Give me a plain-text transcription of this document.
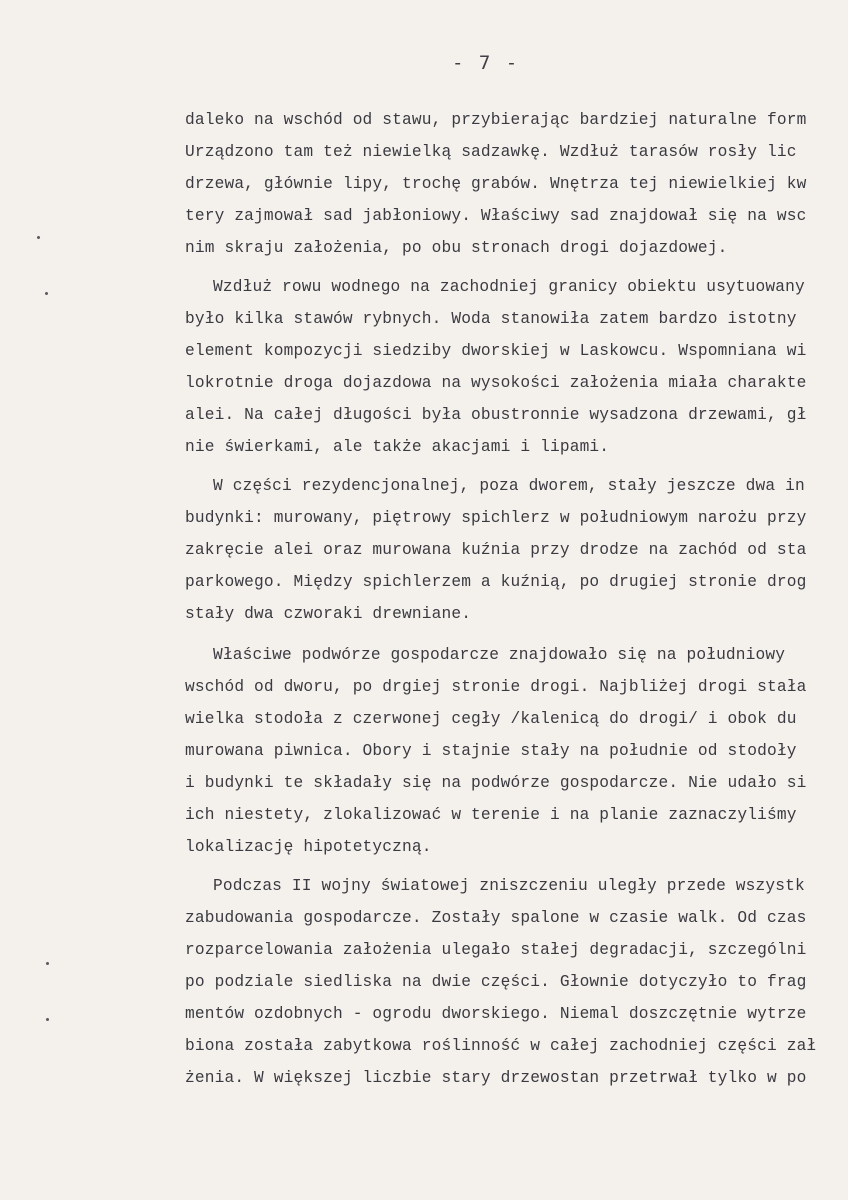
- 7 -
daleko na wschód od stawu, przybierając bardziej naturalne form
Urządzono tam też niewielką sadzawkę. Wzdłuż tarasów rosły lic
drzewa, głównie lipy, trochę grabów. Wnętrza tej niewielkiej kw
tery zajmował sad jabłoniowy. Właściwy sad znajdował się na wsc
nim skraju założenia, po obu stronach drogi dojazdowej.
Wzdłuż rowu wodnego na zachodniej granicy obiektu usytuowany
było kilka stawów rybnych. Woda stanowiła zatem bardzo istotny
element kompozycji siedziby dworskiej w Laskowcu. Wspomniana wi
lokrotnie droga dojazdowa na wysokości założenia miała charakte
alei. Na całej długości była obustronnie wysadzona drzewami, gł
nie świerkami, ale także akacjami i lipami.
W części rezydencjonalnej, poza dworem, stały jeszcze dwa in
budynki: murowany, piętrowy spichlerz w południowym narożu przy
zakręcie alei oraz murowana kuźnia przy drodze na zachód od sta
parkowego. Między spichlerzem a kuźnią, po drugiej stronie drog
stały dwa czworaki drewniane.
Właściwe podwórze gospodarcze znajdowało się na południowy
wschód od dworu, po drgiej stronie drogi. Najbliżej drogi stała
wielka stodoła z czerwonej cegły /kalenicą do drogi/ i obok du
murowana piwnica. Obory i stajnie stały na południe od stodoły
i budynki te składały się na podwórze gospodarcze. Nie udało si
ich niestety, zlokalizować w terenie i na planie zaznaczyliśmy
lokalizację hipotetyczną.
Podczas II wojny światowej zniszczeniu uległy przede wszystk
zabudowania gospodarcze. Zostały spalone w czasie walk. Od czas
rozparcelowania założenia ulegało stałej degradacji, szczególni
po podziale siedliska na dwie części. Głownie dotyczyło to frag
mentów ozdobnych - ogrodu dworskiego. Niemal doszczętnie wytrze
biona została zabytkowa roślinność w całej zachodniej części zał
żenia. W większej liczbie stary drzewostan przetrwał tylko w po
